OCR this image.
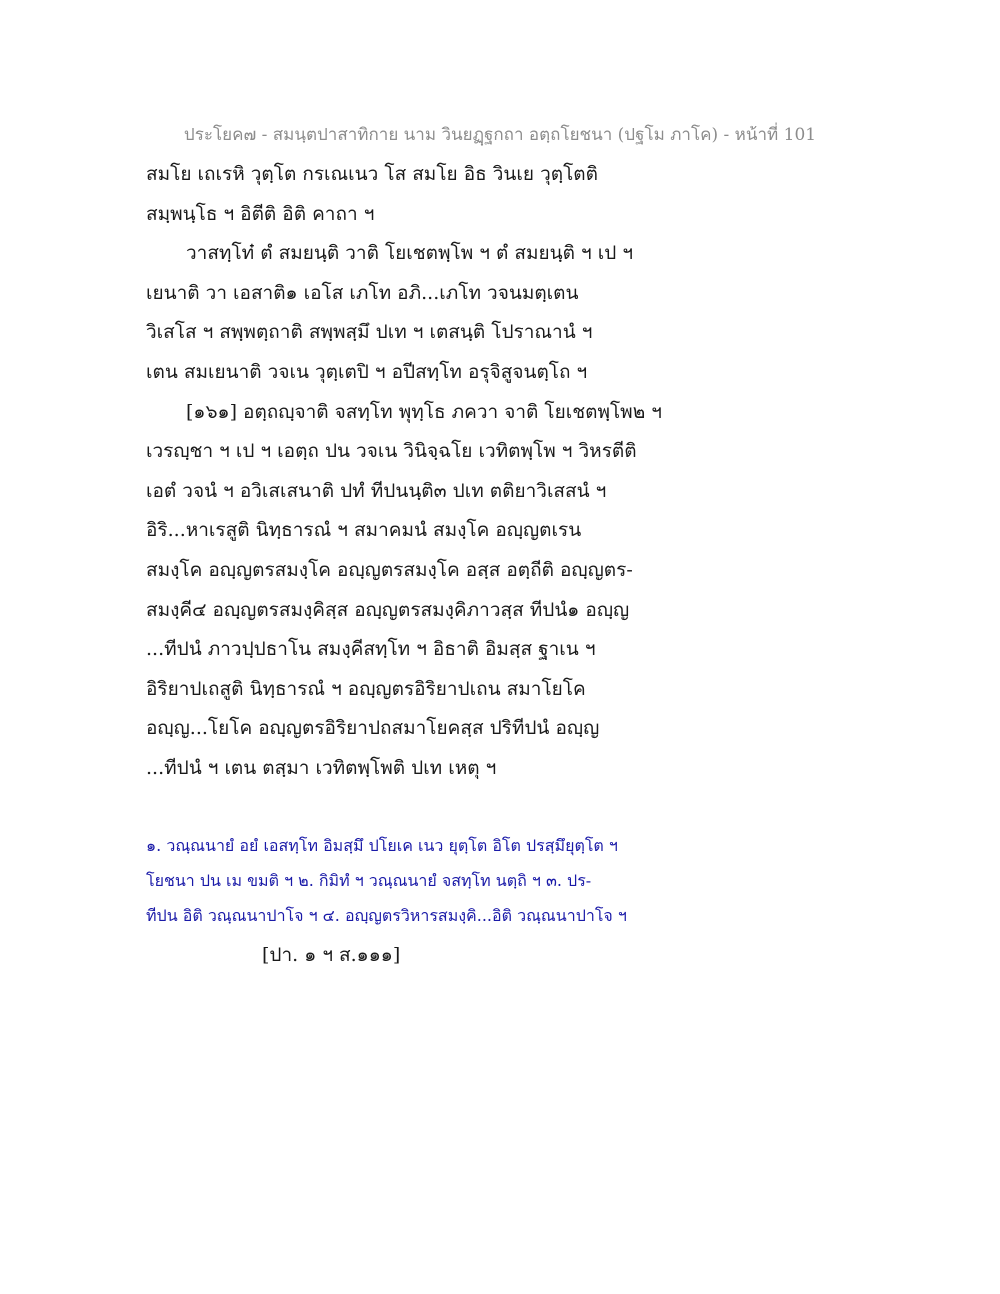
ประโยค๗ - สมนฺตปาสาทิกาย นาม วินยฏฺฐกถา อตฺถโยชนา (ปฐโม ภาโค) - หน้าที่ 101
สมโย เถเรหิ วุตฺโต กรเณเนว โส สมโย อิธ วินเย วุตฺโตติ
สมฺพนฺโธ ฯ อิตีติ อิติ คาถา ฯ
วาสทฺโท๋ ตํ สมยนฺติ วาติ โยเชตพฺโพ ฯ ตํ สมยนฺติ ฯ เป ฯ
เยนาติ วา เอสาติ๑ เอโส เภโท อภิ...เภโท วจนมตฺเตน
วิเสโส ฯ สพฺพตฺถาติ สพฺพสฺมึ ปเท ฯ เตสนฺติ โปราณานํ ฯ
เตน สมเยนาติ วจเน วุตฺเตปิ ฯ อปีสทฺโท อรุจิสูจนตฺโถ ฯ
[๑๖๑] อตฺถญฺจาติ จสทฺโท พุทฺโธ ภควา จาติ โยเชตพฺโพ๒ ฯ
เวรญฺชา ฯ เป ฯ เอตฺถ ปน วจเน วินิจฺฉโย เวทิตพฺโพ ฯ วิหรตีติ
เอตํ วจนํ ฯ อวิเสเสนาติ ปทํ ทีปนนฺติ๓ ปเท ตติยาวิเสสนํ ฯ
อิริ...หาเรสูติ นิทฺธารณํ ฯ สมาคมนํ สมงฺโค อญฺญตเรน
สมงฺโค อญฺญตรสมงฺโค อญฺญตรสมงฺโค อสฺส อตฺถีติ อญฺญตร-
สมงฺคี๔ อญฺญตรสมงฺคิสฺส อญฺญตรสมงฺคิภาวสฺส ทีปนํ๑ อญฺญ
...ทีปนํ ภาวปฺปธาโน สมงฺคีสทฺโท ฯ อิธาติ อิมสฺส ฐาเน ฯ
อิริยาปเถสูติ นิทฺธารณํ ฯ อญฺญตรอิริยาปเถน สมาโยโค
อญฺญ...โยโค อญฺญตรอิริยาปถสมาโยคสฺส ปริทีปนํ อญฺญ
...ทีปนํ ฯ เตน ตสฺมา เวทิตพฺโพติ ปเท เหตุ ฯ
๑. วณฺณนายํ อยํ เอสทฺโท อิมสฺมึ ปโยเค เนว ยุตฺโต อิโต ปรสฺมึยุตฺโต ฯ
โยชนา ปน เม ขมติ ฯ ๒. กิมิทํ ฯ วณฺณนายํ จสทฺโท นตฺถิ ฯ ๓. ปร-
ทีปน อิติ วณฺณนาปาโจ ฯ ๔. อญฺญตรวิหารสมงฺคิ...อิติ วณฺณนาปาโจ ฯ
[ปา. ๑ ฯ ส.๑๑๑]
